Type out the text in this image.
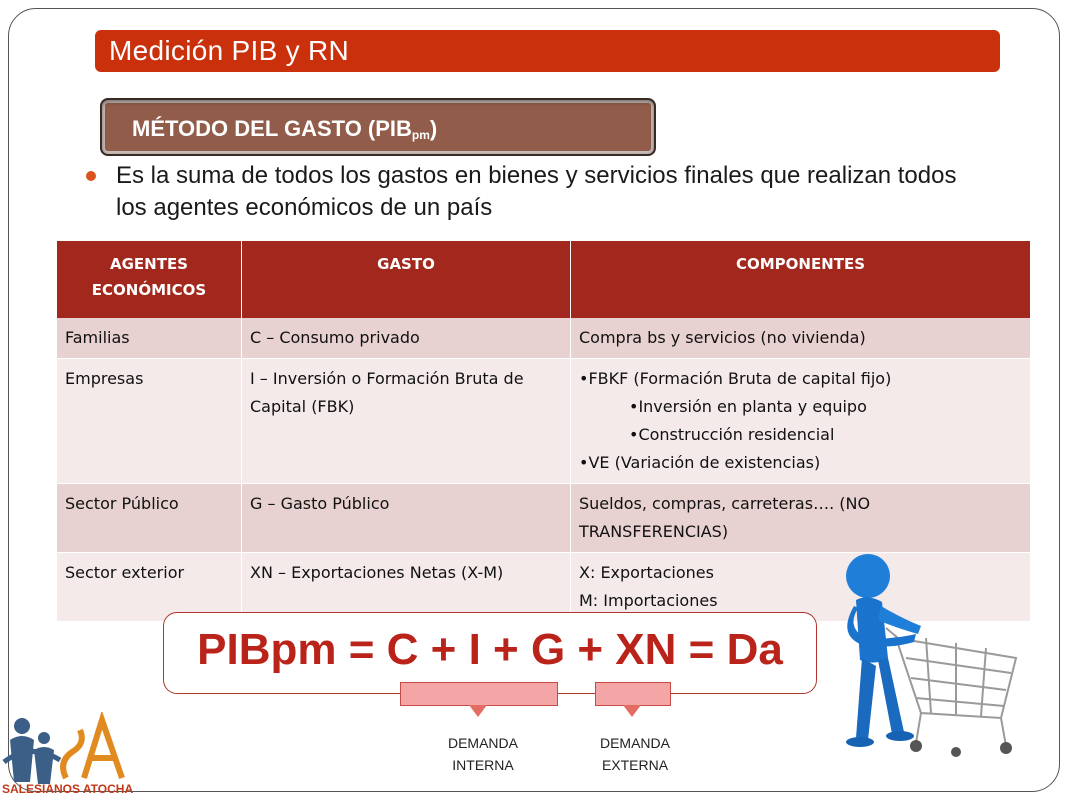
Medición PIB y RN
MÉTODO DEL GASTO $(PIB_{pm})$
Es la suma de todos los gastos en bienes y servicios finales que realizan todos los agentes económicos de un país
AGENTES ECONÓMICOS	GASTO	COMPONENTES
Familias	C – Consumo privado	Compra bs y servicios (no vivienda)
Empresas	I – Inversión o Formación Bruta de Capital (FBK)	• FBKF (Formación Bruta de capital fijo)
• Inversión en planta y equipo
• Construcción residencial
• VE (Variación de existencias)

Sector Público	G – Gasto Público	Sueldos, compras, carreteras…. (NO TRANSFERENCIAS)
Sector exterior	XN – Exportaciones Netas (X-M)	X: Exportaciones
M: Importaciones
PIBpm = C + I + G + XN = Da
DEMANDA
INTERNA
DEMANDA
EXTERNA
SALESIANOS ATOCHA
